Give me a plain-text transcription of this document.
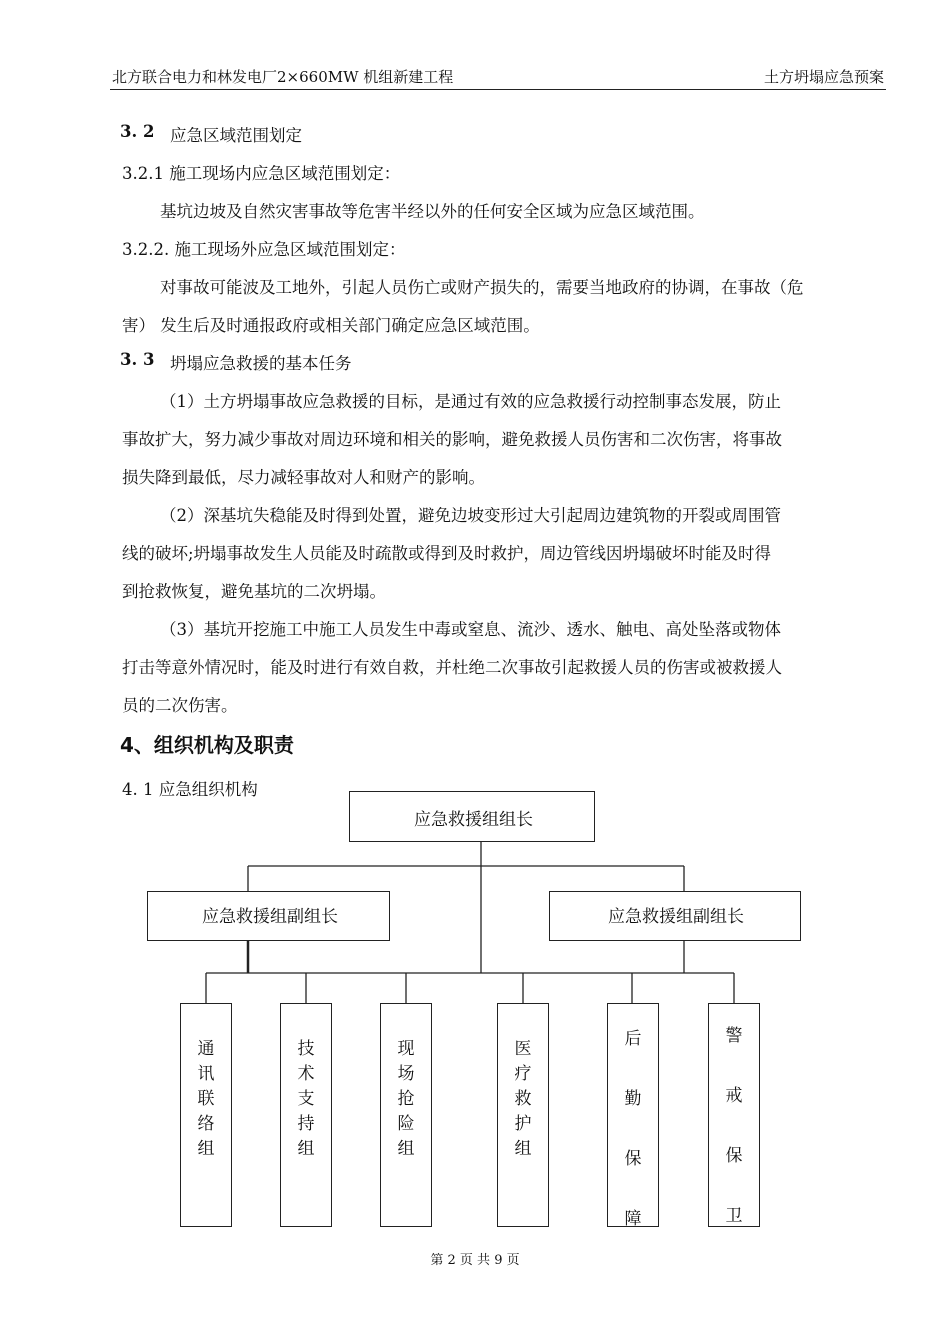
北方联合电力和林发电厂2×660MW 机组新建工程	土方坍塌应急预案
3. 2 应急区域范围划定
3.2.1 施工现场内应急区域范围划定：
基坑边坡及自然灾害事故等危害半经以外的任何安全区域为应急区域范围。
3.2.2. 施工现场外应急区域范围划定：
对事故可能波及工地外，引起人员伤亡或财产损失的，需要当地政府的协调，在事故（危
害） 发生后及时通报政府或相关部门确定应急区域范围。
3. 3 坍塌应急救援的基本任务
（1）土方坍塌事故应急救援的目标，是通过有效的应急救援行动控制事态发展，防止
事故扩大，努力减少事故对周边环境和相关的影响，避免救援人员伤害和二次伤害，将事故
损失降到最低，尽力减轻事故对人和财产的影响。
（2）深基坑失稳能及时得到处置，避免边坡变形过大引起周边建筑物的开裂或周围管
线的破坏;坍塌事故发生人员能及时疏散或得到及时救护，周边管线因坍塌破坏时能及时得
到抢救恢复，避免基坑的二次坍塌。
（3）基坑开挖施工中施工人员发生中毒或窒息、流沙、透水、触电、高处坠落或物体
打击等意外情况时，能及时进行有效自救，并杜绝二次事故引起救援人员的伤害或被救援人
员的二次伤害。
4、组织机构及职责
4. 1 应急组织机构
应急救援组组长
应急救援组副组长	应急救援组副组长
通
讯
联
络
组
技
术
支
持
组
现
场
抢
险
组
医
疗
救
护
组
后
勤
保
障
警
戒
保
卫
第 2 页 共 9 页
